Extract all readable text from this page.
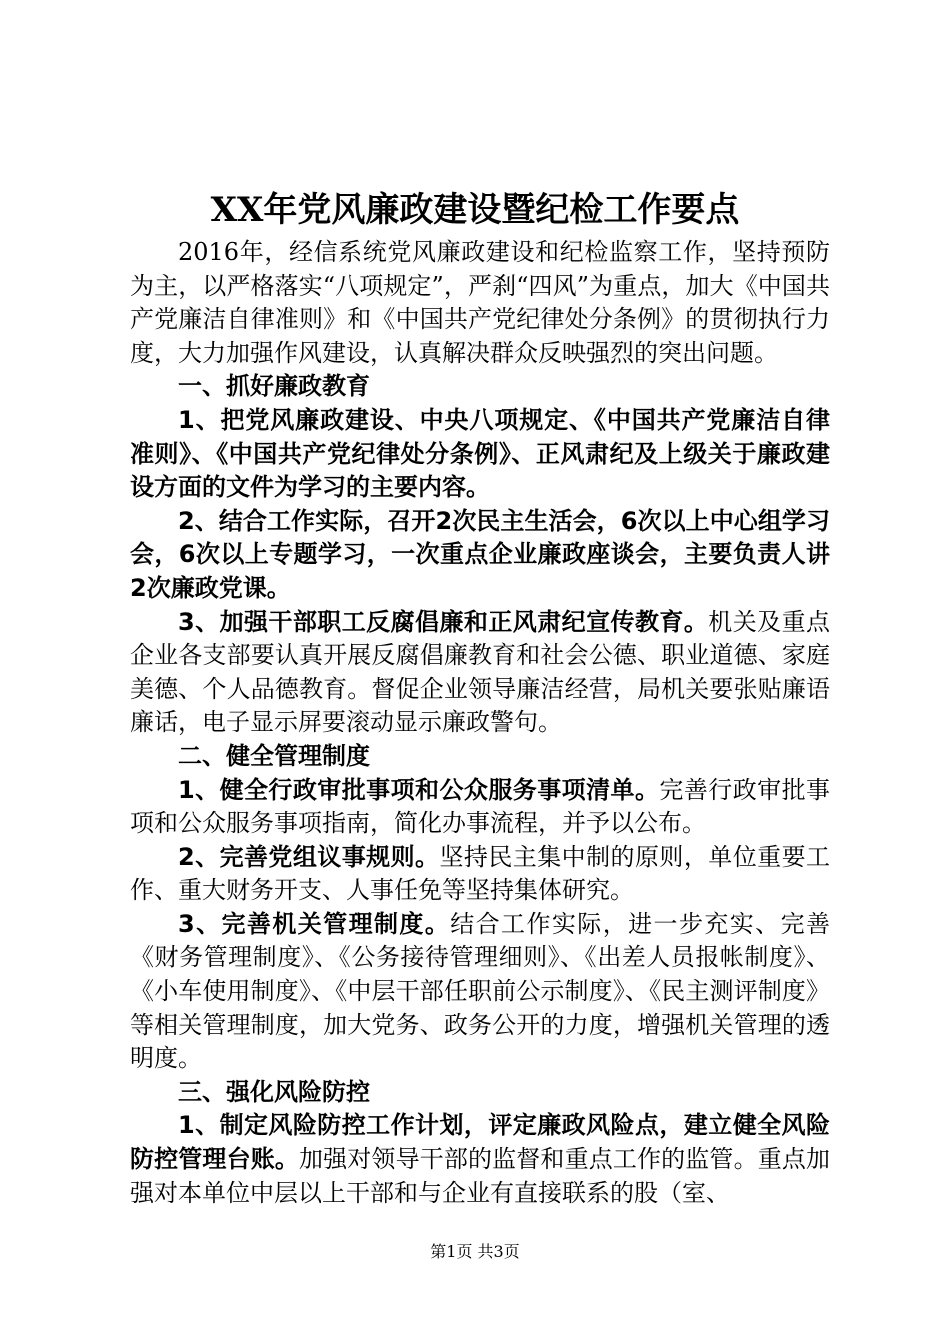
XX年党风廉政建设暨纪检工作要点

2016年，经信系统党风廉政建设和纪检监察工作，坚持预防为主，以严格落实“八项规定”，严刹“四风”为重点，加大《中国共产党廉洁自律准则》和《中国共产党纪律处分条例》的贯彻执行力度，大力加强作风建设，认真解决群众反映强烈的突出问题。

一、抓好廉政教育

1、把党风廉政建设、中央八项规定、《中国共产党廉洁自律准则》、《中国共产党纪律处分条例》、正风肃纪及上级关于廉政建设方面的文件为学习的主要内容。

2、结合工作实际，召开2次民主生活会，6次以上中心组学习会，6次以上专题学习，一次重点企业廉政座谈会，主要负责人讲2次廉政党课。

3、加强干部职工反腐倡廉和正风肃纪宣传教育。机关及重点企业各支部要认真开展反腐倡廉教育和社会公德、职业道德、家庭美德、个人品德教育。督促企业领导廉洁经营，局机关要张贴廉语廉话，电子显示屏要滚动显示廉政警句。

二、健全管理制度

1、健全行政审批事项和公众服务事项清单。完善行政审批事项和公众服务事项指南，简化办事流程，并予以公布。

2、完善党组议事规则。坚持民主集中制的原则，单位重要工作、重大财务开支、人事任免等坚持集体研究。

3、完善机关管理制度。结合工作实际，进一步充实、完善《财务管理制度》、《公务接待管理细则》、《出差人员报帐制度》、《小车使用制度》、《中层干部任职前公示制度》、《民主测评制度》等相关管理制度，加大党务、政务公开的力度，增强机关管理的透明度。

三、强化风险防控

1、制定风险防控工作计划，评定廉政风险点，建立健全风险防控管理台账。加强对领导干部的监督和重点工作的监管。重点加强对本单位中层以上干部和与企业有直接联系的股（室、

第1页 共3页
